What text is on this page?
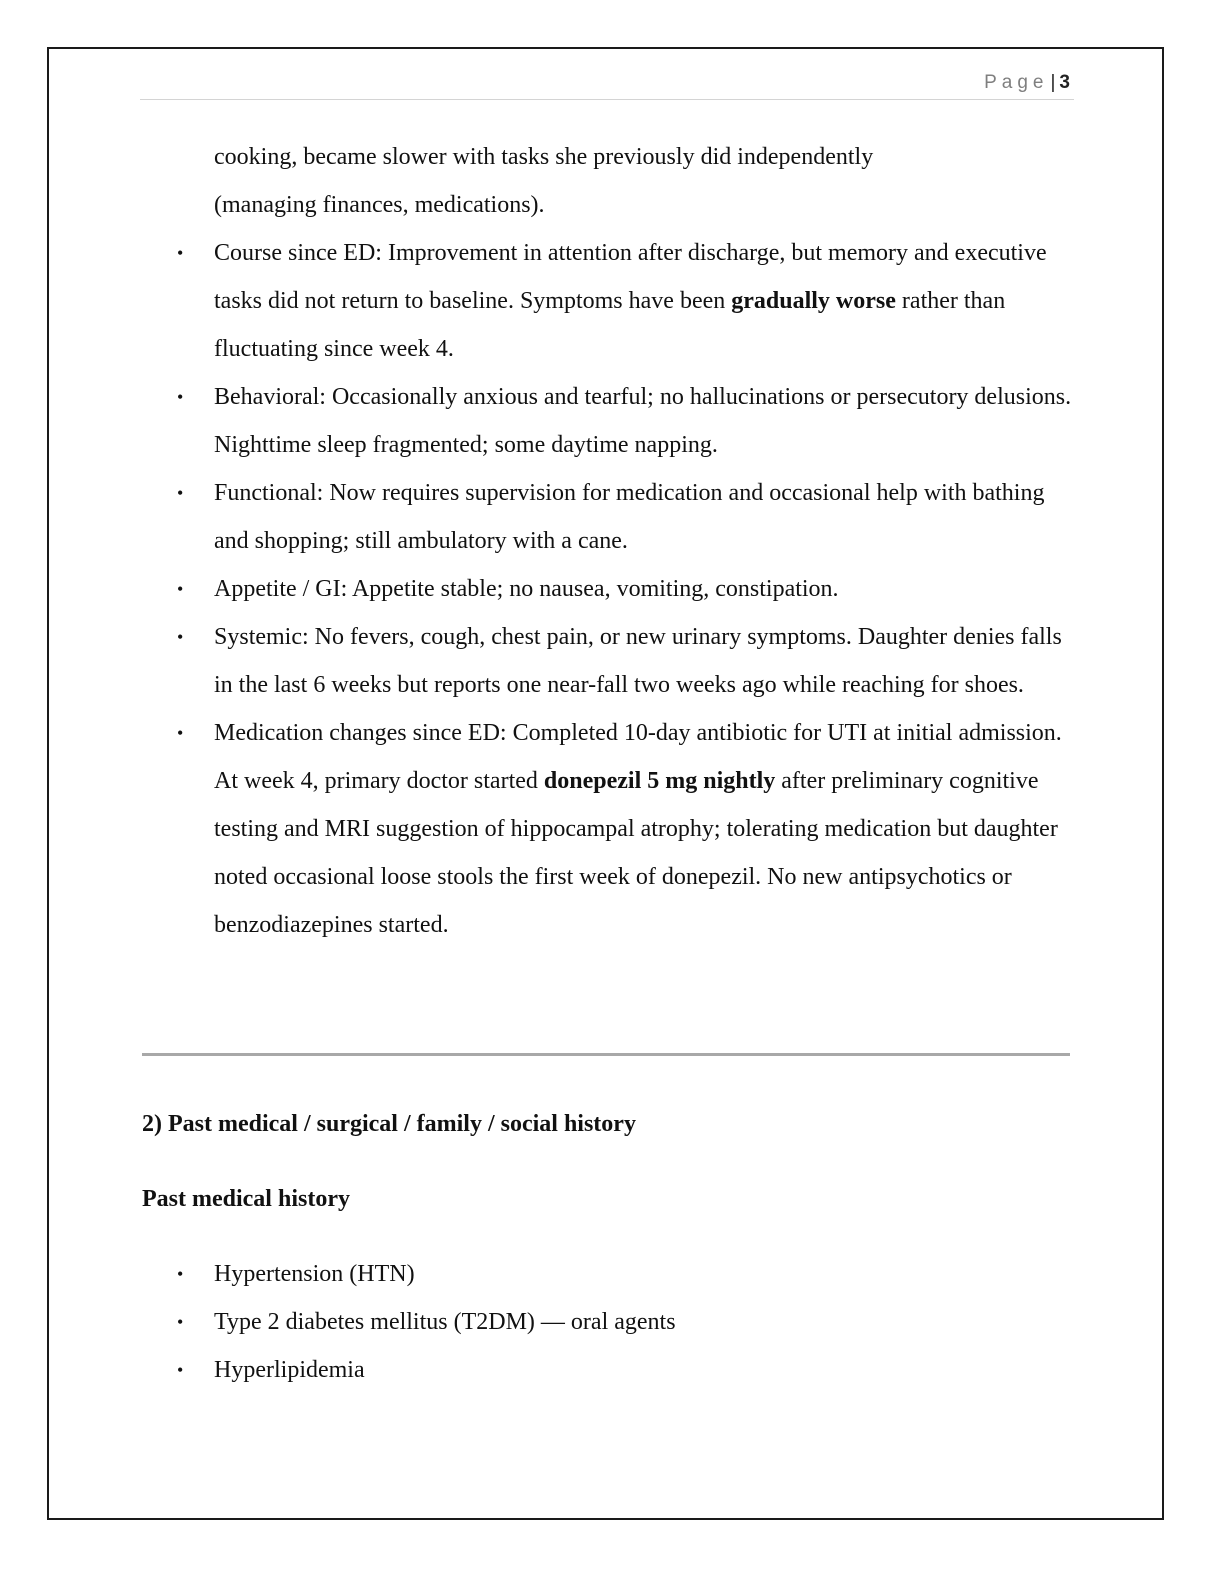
Page | 3
cooking, became slower with tasks she previously did independently
(managing finances, medications).
• Course since ED: Improvement in attention after discharge, but memory and executive tasks did not return to baseline. Symptoms have been gradually worse rather than fluctuating since week 4.
• Behavioral: Occasionally anxious and tearful; no hallucinations or persecutory delusions. Nighttime sleep fragmented; some daytime napping.
• Functional: Now requires supervision for medication and occasional help with bathing and shopping; still ambulatory with a cane.
• Appetite / GI: Appetite stable; no nausea, vomiting, constipation.
• Systemic: No fevers, cough, chest pain, or new urinary symptoms. Daughter denies falls in the last 6 weeks but reports one near-fall two weeks ago while reaching for shoes.
• Medication changes since ED: Completed 10-day antibiotic for UTI at initial admission. At week 4, primary doctor started donepezil 5 mg nightly after preliminary cognitive testing and MRI suggestion of hippocampal atrophy; tolerating medication but daughter noted occasional loose stools the first week of donepezil. No new antipsychotics or benzodiazepines started.
2) Past medical / surgical / family / social history
Past medical history
• Hypertension (HTN)
• Type 2 diabetes mellitus (T2DM) — oral agents
• Hyperlipidemia
